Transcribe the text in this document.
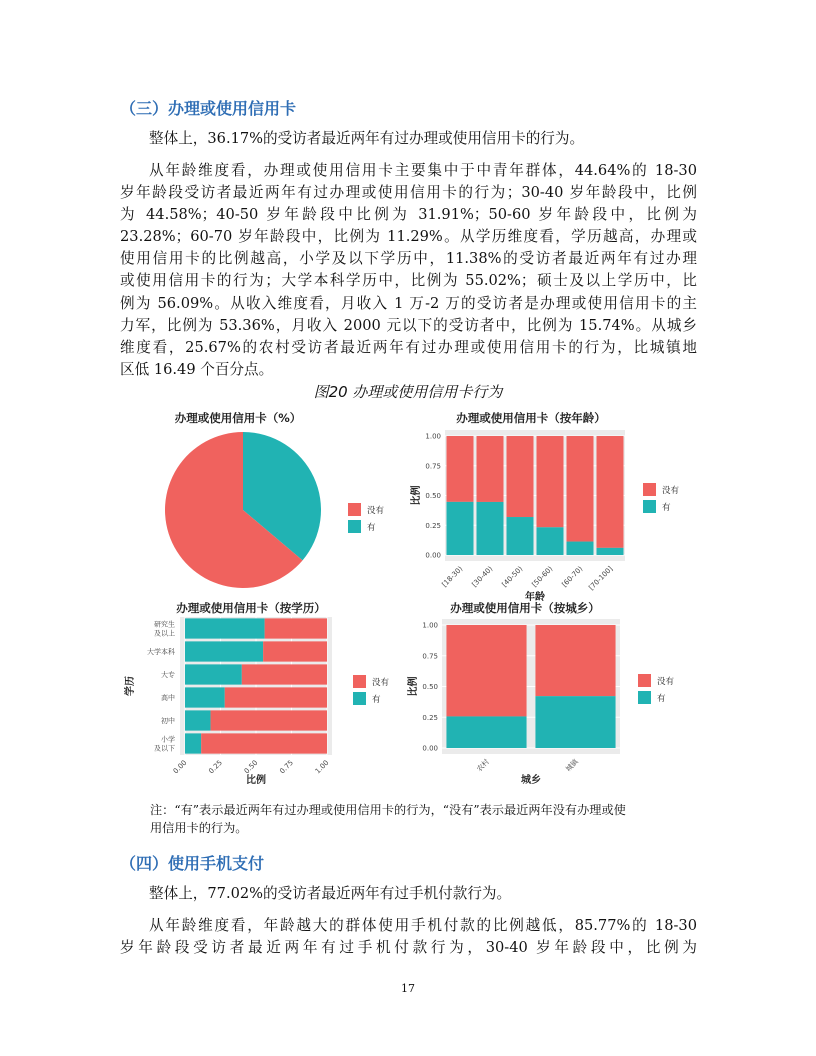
（三）办理或使用信用卡
整体上，36.17%的受访者最近两年有过办理或使用信用卡的行为。
从年龄维度看，办理或使用信用卡主要集中于中青年群体，44.64%的 18-30
岁年龄段受访者最近两年有过办理或使用信用卡的行为；30-40 岁年龄段中，比例
为 44.58%；40-50 岁年龄段中比例为 31.91%；50-60 岁年龄段中，比例为
23.28%；60-70 岁年龄段中，比例为 11.29%。从学历维度看，学历越高，办理或
使用信用卡的比例越高，小学及以下学历中，11.38%的受访者最近两年有过办理
或使用信用卡的行为；大学本科学历中，比例为 55.02%；硕士及以上学历中，比
例为 56.09%。从收入维度看，月收入 1 万-2 万的受访者是办理或使用信用卡的主
力军，比例为 53.36%，月收入 2000 元以下的受访者中，比例为 15.74%。从城乡
维度看，25.67%的农村受访者最近两年有过办理或使用信用卡的行为，比城镇地
区低 16.49 个百分点。
图20 办理或使用信用卡行为
办理或使用信用卡（%）
没有
有
办理或使用信用卡（按年龄）
0.00
0.25
0.50
0.75
1.00
[18-30) [30-40) [40-50) [50-60) [60-70) [70-100]
年龄
比例	没有
有
办理或使用信用卡（按学历）
0.00	0.25	0.50	0.75	1.00
小学及以下
初中
高中
大专
大学本科
研究生及以上
比例
学历	没有
有
办理或使用信用卡（按城乡）
0.00
0.25
0.50
0.75
1.00
农村	城镇
城乡
比例	没有
有
注：“有”表示最近两年有过办理或使用信用卡的行为，“没有”表示最近两年没有办理或使
用信用卡的行为。
（四）使用手机支付
整体上，77.02%的受访者最近两年有过手机付款行为。
从年龄维度看，年龄越大的群体使用手机付款的比例越低，85.77%的 18-30
岁年龄段受访者最近两年有过手机付款行为，30-40 岁年龄段中，比例为
17
